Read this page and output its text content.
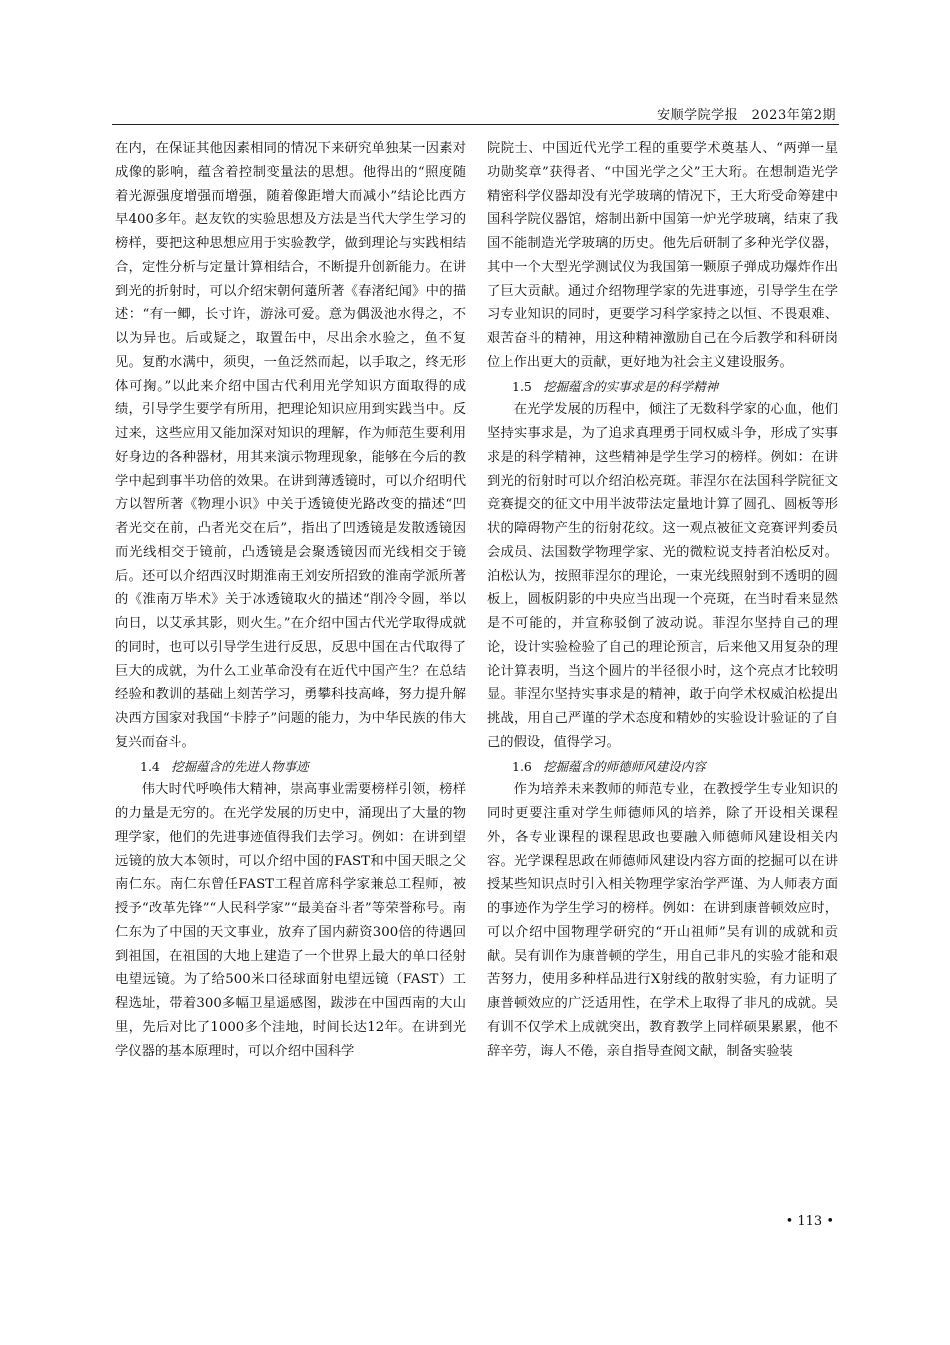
安顺学院学报　2023年第2期

在内，在保证其他因素相同的情况下来研究单独某一因素对成像的影响，蕴含着控制变量法的思想。他得出的“照度随着光源强度增强而增强，随着像距增大而减小”结论比西方早400多年。赵友钦的实验思想及方法是当代大学生学习的榜样，要把这种思想应用于实验教学，做到理论与实践相结合，定性分析与定量计算相结合，不断提升创新能力。在讲到光的折射时，可以介绍宋朝何薳所著《春渚纪闻》中的描述：“有一鲫，长寸许，游泳可爱。意为偶汲池水得之，不以为异也。后或疑之，取置缶中，尽出余水验之，鱼不复见。复酌水满中，须臾，一鱼泛然而起，以手取之，终无形体可掬。”以此来介绍中国古代利用光学知识方面取得的成绩，引导学生要学有所用，把理论知识应用到实践当中。反过来，这些应用又能加深对知识的理解，作为师范生要利用好身边的各种器材，用其来演示物理现象，能够在今后的教学中起到事半功倍的效果。在讲到薄透镜时，可以介绍明代方以智所著《物理小识》中关于透镜使光路改变的描述“凹者光交在前，凸者光交在后”，指出了凹透镜是发散透镜因而光线相交于镜前，凸透镜是会聚透镜因而光线相交于镜后。还可以介绍西汉时期淮南王刘安所招致的淮南学派所著的《淮南万毕术》关于冰透镜取火的描述“削冷令圆，举以向日，以艾承其影，则火生。”在介绍中国古代光学取得成就的同时，也可以引导学生进行反思，反思中国在古代取得了巨大的成就，为什么工业革命没有在近代中国产生？在总结经验和教训的基础上刻苦学习，勇攀科技高峰，努力提升解决西方国家对我国“卡脖子”问题的能力，为中华民族的伟大复兴而奋斗。

1.4 挖掘蕴含的先进人物事迹

伟大时代呼唤伟大精神，崇高事业需要榜样引领，榜样的力量是无穷的。在光学发展的历史中，涌现出了大量的物理学家，他们的先进事迹值得我们去学习。例如：在讲到望远镜的放大本领时，可以介绍中国的FAST和中国天眼之父南仁东。南仁东曾任FAST工程首席科学家兼总工程师，被授予“改革先锋”“人民科学家”“最美奋斗者”等荣誉称号。南仁东为了中国的天文事业，放弃了国内薪资300倍的待遇回到祖国，在祖国的大地上建造了一个世界上最大的单口径射电望远镜。为了给500米口径球面射电望远镜（FAST）工程选址，带着300多幅卫星遥感图，跋涉在中国西南的大山里，先后对比了1000多个洼地，时间长达12年。在讲到光学仪器的基本原理时，可以介绍中国科学

院院士、中国近代光学工程的重要学术奠基人、“两弹一星功勋奖章”获得者、“中国光学之父”王大珩。在想制造光学精密科学仪器却没有光学玻璃的情况下，王大珩受命筹建中国科学院仪器馆，熔制出新中国第一炉光学玻璃，结束了我国不能制造光学玻璃的历史。他先后研制了多种光学仪器，其中一个大型光学测试仪为我国第一颗原子弹成功爆炸作出了巨大贡献。通过介绍物理学家的先进事迹，引导学生在学习专业知识的同时，更要学习科学家持之以恒、不畏艰难、艰苦奋斗的精神，用这种精神激励自己在今后教学和科研岗位上作出更大的贡献，更好地为社会主义建设服务。

1.5 挖掘蕴含的实事求是的科学精神

在光学发展的历程中，倾注了无数科学家的心血，他们坚持实事求是，为了追求真理勇于同权威斗争，形成了实事求是的科学精神，这些精神是学生学习的榜样。例如：在讲到光的衍射时可以介绍泊松亮斑。菲涅尔在法国科学院征文竞赛提交的征文中用半波带法定量地计算了圆孔、圆板等形状的障碍物产生的衍射花纹。这一观点被征文竞赛评判委员会成员、法国数学物理学家、光的微粒说支持者泊松反对。泊松认为，按照菲涅尔的理论，一束光线照射到不透明的圆板上，圆板阴影的中央应当出现一个亮斑，在当时看来显然是不可能的，并宣称驳倒了波动说。菲涅尔坚持自己的理论，设计实验检验了自己的理论预言，后来他又用复杂的理论计算表明，当这个圆片的半径很小时，这个亮点才比较明显。菲涅尔坚持实事求是的精神，敢于向学术权威泊松提出挑战，用自己严谨的学术态度和精妙的实验设计验证的了自己的假设，值得学习。

1.6 挖掘蕴含的师德师风建设内容

作为培养未来教师的师范专业，在教授学生专业知识的同时更要注重对学生师德师风的培养，除了开设相关课程外，各专业课程的课程思政也要融入师德师风建设相关内容。光学课程思政在师德师风建设内容方面的挖掘可以在讲授某些知识点时引入相关物理学家治学严谨、为人师表方面的事迹作为学生学习的榜样。例如：在讲到康普顿效应时，可以介绍中国物理学研究的“开山祖师”吴有训的成就和贡献。吴有训作为康普顿的学生，用自己非凡的实验才能和艰苦努力，使用多种样品进行X射线的散射实验，有力证明了康普顿效应的广泛适用性，在学术上取得了非凡的成就。吴有训不仅学术上成就突出，教育教学上同样硕果累累，他不辞辛劳，诲人不倦，亲自指导查阅文献，制备实验装

• 113 •
